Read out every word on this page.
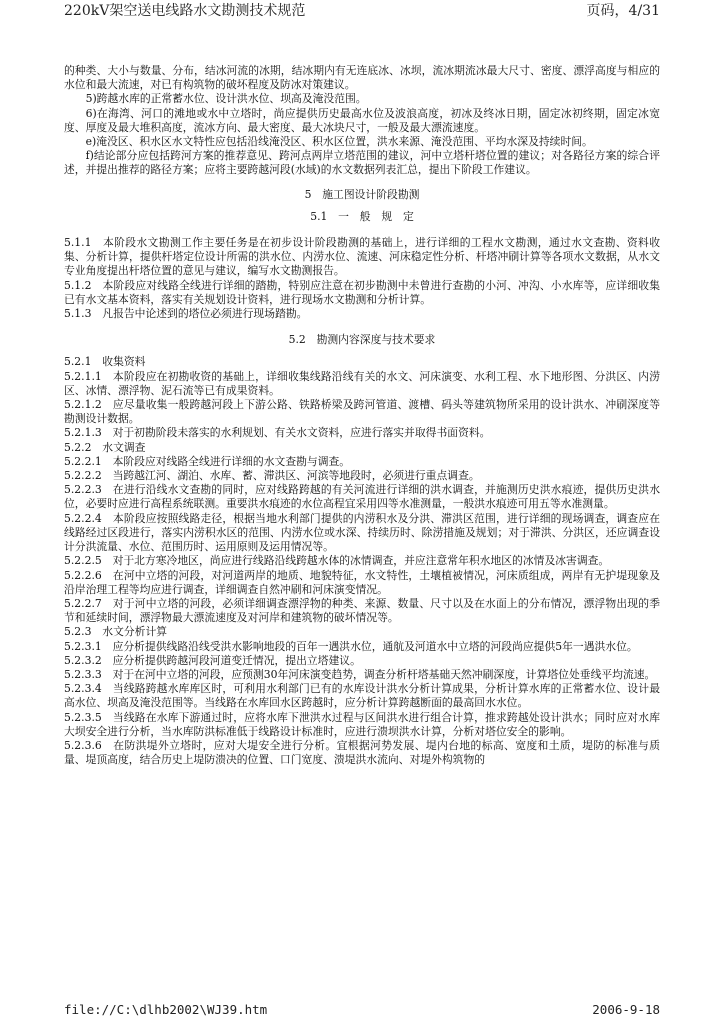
220kV架空送电线路水文勘测技术规范	页码，4/31

的种类、大小与数量、分布，结冰河流的冰期，结冰期内有无连底冰、冰坝，流冰期流冰最大尺寸、密度、漂浮高度与相应的水位和最大流速，对已有构筑物的破坏程度及防冰对策建议。

5)跨越水库的正常蓄水位、设计洪水位、坝高及淹没范围。

6)在海湾、河口的滩地或水中立塔时，尚应提供历史最高水位及波浪高度，初冰及终冰日期，固定冰初终期，固定冰宽度、厚度及最大堆积高度，流冰方向、最大密度、最大冰块尺寸，一般及最大漂流速度。

e)淹没区、积水区水文特性应包括沿线淹没区、积水区位置，洪水来源、淹没范围、平均水深及持续时间。

f)结论部分应包括跨河方案的推荐意见、跨河点两岸立塔范围的建议，河中立塔杆塔位置的建议；对各路径方案的综合评述，并提出推荐的路径方案；应将主要跨越河段(水域)的水文数据列表汇总，提出下阶段工作建议。

5　施工图设计阶段勘测
5.1　一　般　规　定

5.1.1　本阶段水文勘测工作主要任务是在初步设计阶段勘测的基础上，进行详细的工程水文勘测，通过水文查勘、资料收集、分析计算，提供杆塔定位设计所需的洪水位、内涝水位、流速、河床稳定性分析、杆塔冲刷计算等各项水文数据，从水文专业角度提出杆塔位置的意见与建议，编写水文勘测报告。

5.1.2　本阶段应对线路全线进行详细的踏勘，特别应注意在初步勘测中未曾进行查勘的小河、冲沟、小水库等，应详细收集已有水文基本资料，落实有关规划设计资料，进行现场水文勘测和分析计算。

5.1.3　凡报告中论述到的塔位必须进行现场踏勘。

5.2　勘测内容深度与技术要求

5.2.1　收集资料

5.2.1.1　本阶段应在初勘收资的基础上，详细收集线路沿线有关的水文、河床演变、水利工程、水下地形图、分洪区、内涝区、冰情、漂浮物、泥石流等已有成果资料。

5.2.1.2　应尽量收集一般跨越河段上下游公路、铁路桥梁及跨河管道、渡槽、码头等建筑物所采用的设计洪水、冲刷深度等勘测设计数据。

5.2.1.3　对于初勘阶段未落实的水利规划、有关水文资料，应进行落实并取得书面资料。

5.2.2　水文调查

5.2.2.1　本阶段应对线路全线进行详细的水文查勘与调查。

5.2.2.2　当跨越江河、湖泊、水库、蓄、滞洪区、河滨等地段时，必须进行重点调查。

5.2.2.3　在进行沿线水文查勘的同时，应对线路跨越的有关河流进行详细的洪水调查，并施测历史洪水痕迹，提供历史洪水位，必要时应进行高程系统联测。重要洪水痕迹的水位高程宜采用四等水准测量，一般洪水痕迹可用五等水准测量。

5.2.2.4　本阶段应按照线路走径，根据当地水利部门提供的内涝积水及分洪、滞洪区范围，进行详细的现场调查，调查应在线路经过区段进行，落实内涝积水区的范围、内涝水位或水深、持续历时、除涝措施及规划；对于滞洪、分洪区，还应调查设计分洪流量、水位、范围历时、运用原则及运用情况等。

5.2.2.5　对于北方寒冷地区，尚应进行线路沿线跨越水体的冰情调查，并应注意常年积水地区的冰情及冰害调查。

5.2.2.6　在河中立塔的河段，对河道两岸的地质、地貌特征，水文特性，土壤植被情况，河床质组成，两岸有无护堤现象及沿岸治理工程等均应进行调查，详细调查自然冲刷和河床演变情况。

5.2.2.7　对于河中立塔的河段，必须详细调查漂浮物的种类、来源、数量、尺寸以及在水面上的分布情况，漂浮物出现的季节和延续时间，漂浮物最大漂流速度及对河岸和建筑物的破坏情况等。

5.2.3　水文分析计算

5.2.3.1　应分析提供线路沿线受洪水影响地段的百年一遇洪水位，通航及河道水中立塔的河段尚应提供5年一遇洪水位。

5.2.3.2　应分析提供跨越河段河道变迁情况，提出立塔建议。

5.2.3.3　对于在河中立塔的河段，应预测30年河床演变趋势，调查分析杆塔基础天然冲刷深度，计算塔位处垂线平均流速。

5.2.3.4　当线路跨越水库库区时，可利用水利部门已有的水库设计洪水分析计算成果，分析计算水库的正常蓄水位、设计最高水位、坝高及淹没范围等。当线路在水库回水区跨越时，应分析计算跨越断面的最高回水水位。

5.2.3.5　当线路在水库下游通过时，应将水库下泄洪水过程与区间洪水进行组合计算，推求跨越处设计洪水；同时应对水库大坝安全进行分析，当水库防洪标准低于线路设计标准时，应进行溃坝洪水计算，分析对塔位安全的影响。

5.2.3.6　在防洪堤外立塔时，应对大堤安全进行分析。宜根据河势发展、堤内台地的标高、宽度和土质，堤防的标准与质量、堤顶高度，结合历史上堤防溃决的位置、口门宽度、溃堤洪水流向、对堤外构筑物的

file://C:\dlhb2002\WJ39.htm	2006-9-18
